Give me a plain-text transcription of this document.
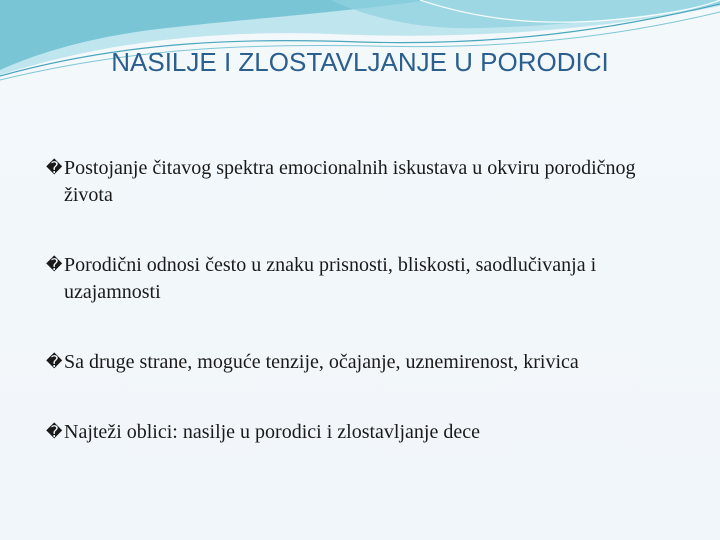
NASILJE I ZLOSTAVLJANJE U PORODICI
� Postojanje čitavog spektra emocionalnih iskustava u okviru porodičnog života
� Porodični odnosi često u znaku prisnosti, bliskosti, saodlučivanja i uzajamnosti
� Sa druge strane, moguće tenzije, očajanje, uznemirenost, krivica
� Najteži oblici: nasilje u porodici i zlostavljanje dece
